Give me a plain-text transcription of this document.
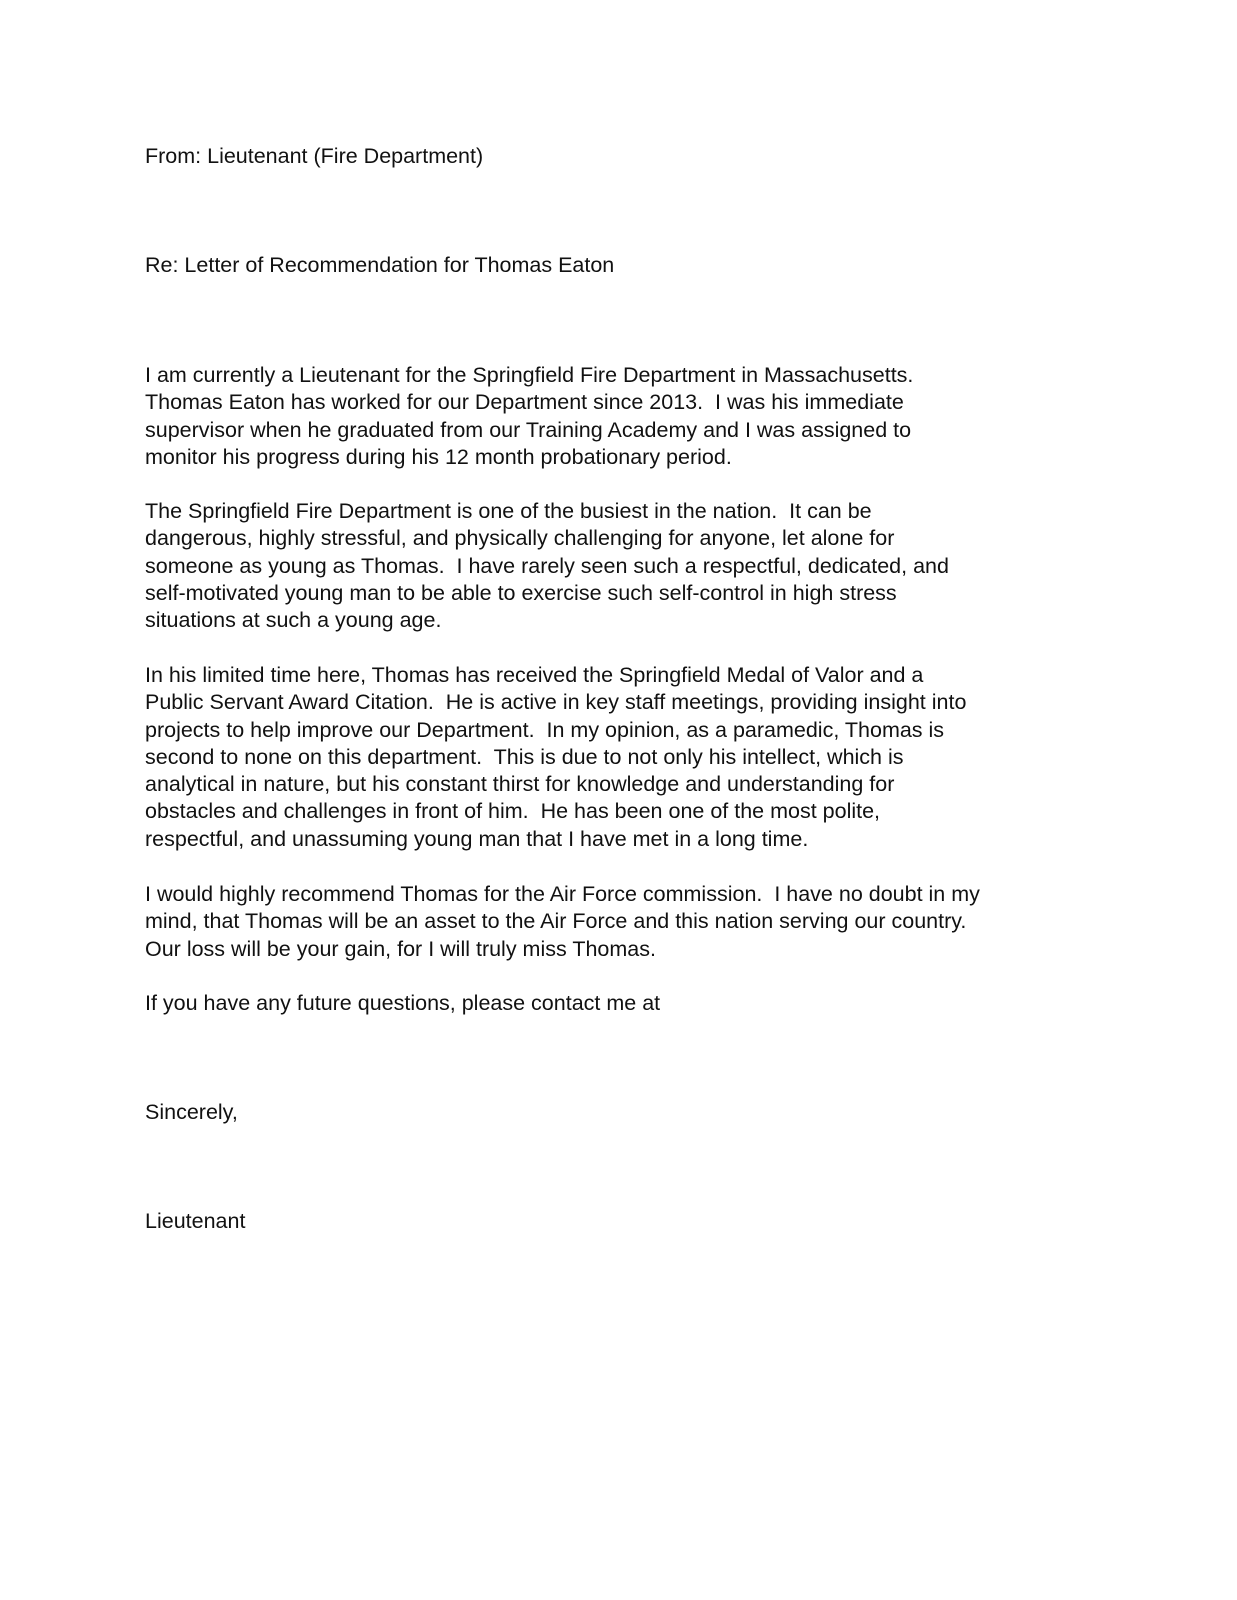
From: Lieutenant (Fire Department)
Re: Letter of Recommendation for Thomas Eaton
I am currently a Lieutenant for the Springfield Fire Department in Massachusetts.
Thomas Eaton has worked for our Department since 2013.  I was his immediate
supervisor when he graduated from our Training Academy and I was assigned to
monitor his progress during his 12 month probationary period.
The Springfield Fire Department is one of the busiest in the nation.  It can be
dangerous, highly stressful, and physically challenging for anyone, let alone for
someone as young as Thomas.  I have rarely seen such a respectful, dedicated, and
self-motivated young man to be able to exercise such self-control in high stress
situations at such a young age.
In his limited time here, Thomas has received the Springfield Medal of Valor and a
Public Servant Award Citation.  He is active in key staff meetings, providing insight into
projects to help improve our Department.  In my opinion, as a paramedic, Thomas is
second to none on this department.  This is due to not only his intellect, which is
analytical in nature, but his constant thirst for knowledge and understanding for
obstacles and challenges in front of him.  He has been one of the most polite,
respectful, and unassuming young man that I have met in a long time.
I would highly recommend Thomas for the Air Force commission.  I have no doubt in my
mind, that Thomas will be an asset to the Air Force and this nation serving our country.
Our loss will be your gain, for I will truly miss Thomas.
If you have any future questions, please contact me at
Sincerely,
Lieutenant
